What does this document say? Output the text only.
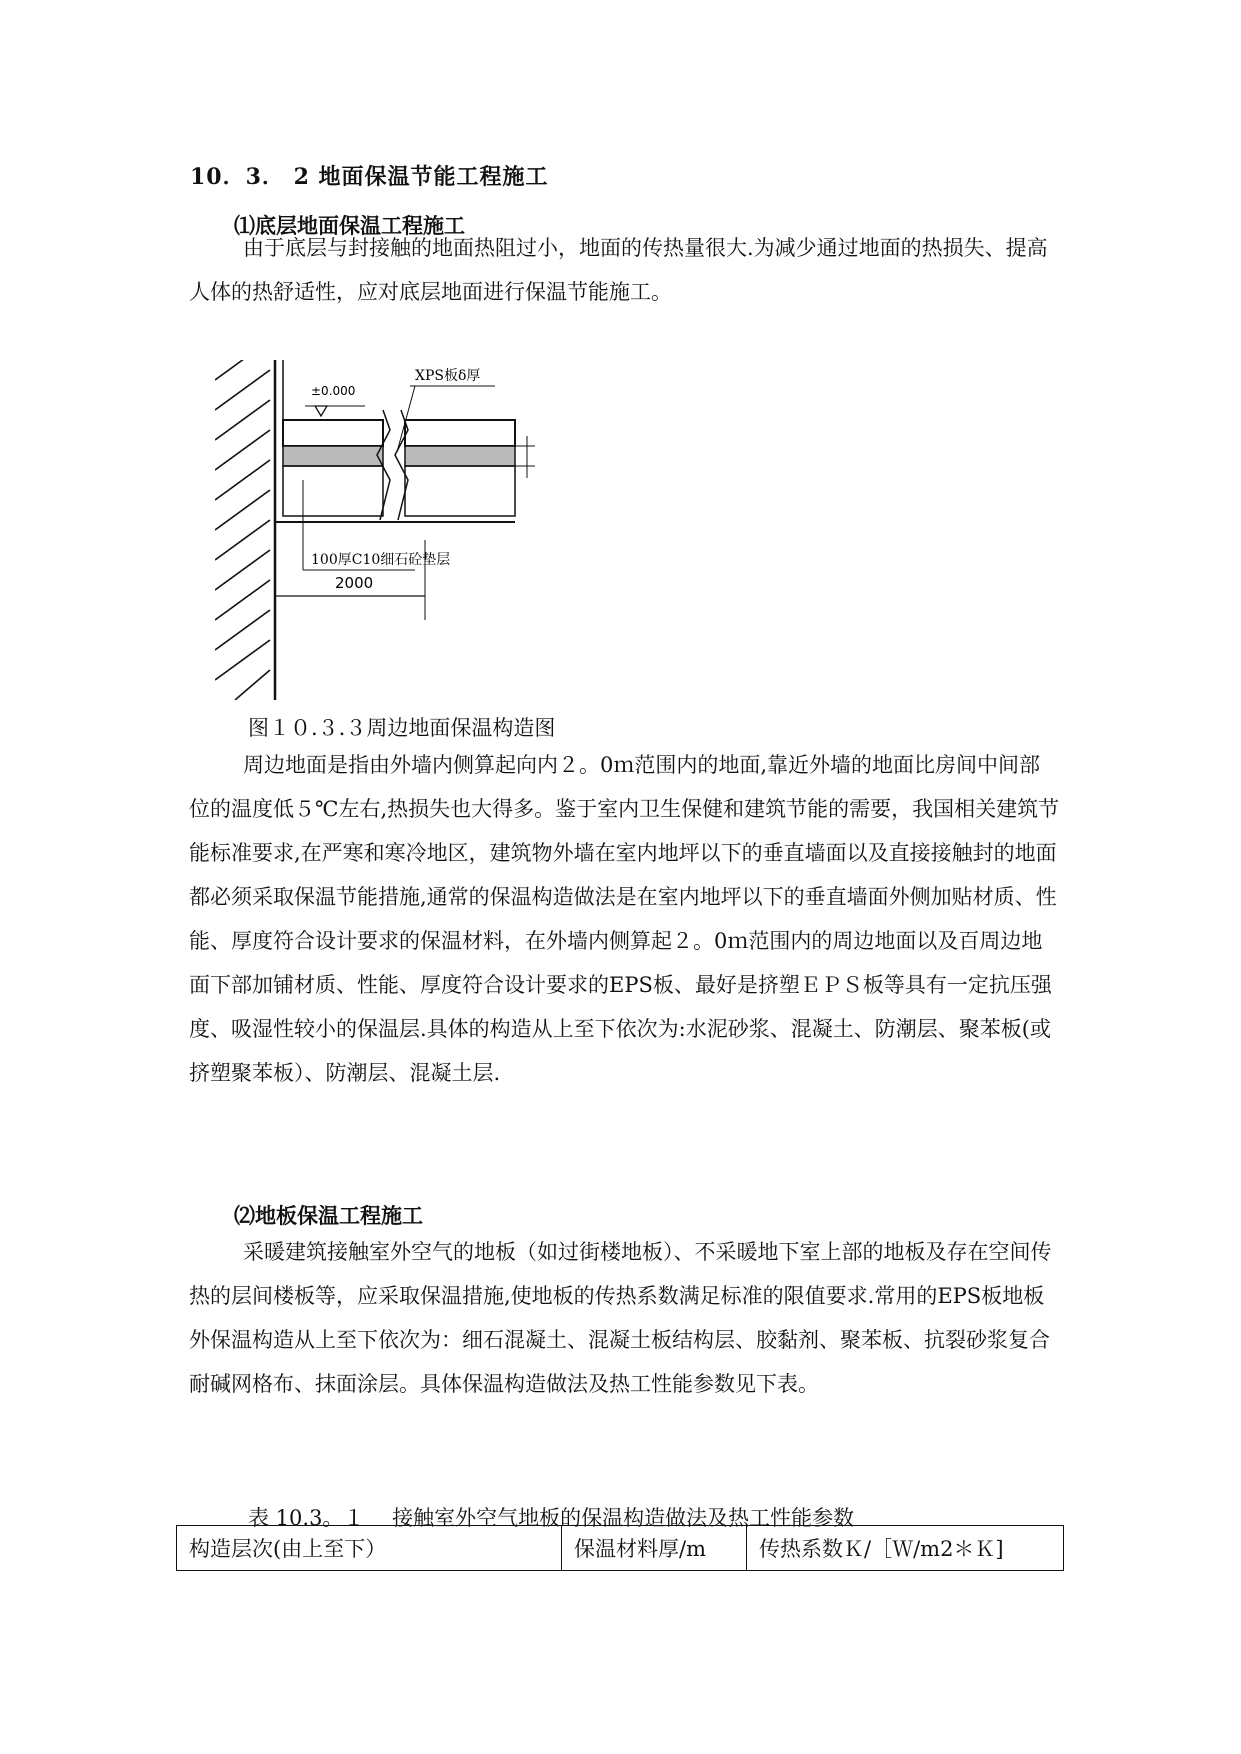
10．3． 2 地面保温节能工程施工
⑴底层地面保温工程施工
由于底层与封接触的地面热阻过小，地面的传热量很大.为减少通过地面的热损失、提高人体的热舒适性，应对底层地面进行保温节能施工。
±0.000
XPS板δ厚
100厚C10细石砼垫层
2000
图１０.３.３周边地面保温构造图
周边地面是指由外墙内侧算起向内２。0ｍ范围内的地面,靠近外墙的地面比房间中间部位的温度低５℃左右,热损失也大得多。鉴于室内卫生保健和建筑节能的需要，我国相关建筑节能标准要求,在严寒和寒冷地区，建筑物外墙在室内地坪以下的垂直墙面以及直接接触封的地面都必须采取保温节能措施,通常的保温构造做法是在室内地坪以下的垂直墙面外侧加贴材质、性能、厚度符合设计要求的保温材料，在外墙内侧算起２。0ｍ范围内的周边地面以及百周边地面下部加铺材质、性能、厚度符合设计要求的EPS板、最好是挤塑ＥＰＳ板等具有一定抗压强度、吸湿性较小的保温层.具体的构造从上至下依次为:水泥砂浆、混凝土、防潮层、聚苯板(或挤塑聚苯板）、防潮层、混凝土层.
⑵地板保温工程施工
采暖建筑接触室外空气的地板（如过街楼地板）、不采暖地下室上部的地板及存在空间传热的层间楼板等，应采取保温措施,使地板的传热系数满足标准的限值要求.常用的EPS板地板外保温构造从上至下依次为：细石混凝土、混凝土板结构层、胶黏剂、聚苯板、抗裂砂浆复合耐碱网格布、抹面涂层。具体保温构造做法及热工性能参数见下表。
表 10.3。１　 接触室外空气地板的保温构造做法及热工性能参数
构造层次(由上至下）	保温材料厚/m	传热系数Ｋ/［Ｗ/m2＊Ｋ]
